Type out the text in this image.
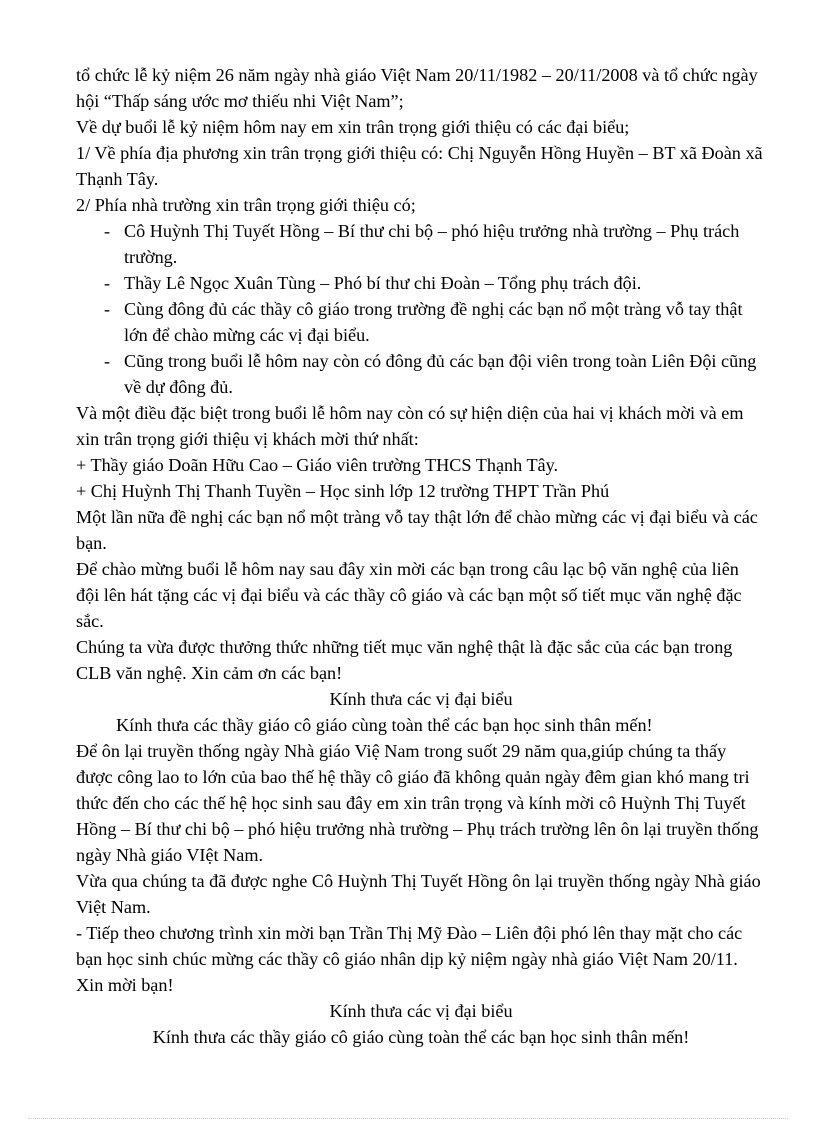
tổ chức lễ kỷ niệm 26 năm ngày nhà giáo Việt Nam 20/11/1982 – 20/11/2008 và tổ chức ngày hội “Thấp sáng ước mơ thiếu nhi Việt Nam”;

Về dự buổi lễ kỷ niệm hôm nay em xin trân trọng giới thiệu có các đại biểu;

1/ Về phía địa phương xin trân trọng giới thiệu có: Chị Nguyễn Hồng Huyền – BT xã Đoàn xã Thạnh Tây.

2/ Phía nhà trường xin trân trọng giới thiệu có;

- Cô Huỳnh Thị Tuyết Hồng – Bí thư chi bộ – phó hiệu trưởng nhà trường – Phụ trách trường.
- Thầy Lê Ngọc Xuân Tùng – Phó bí thư chi Đoàn – Tổng phụ trách đội.
- Cùng đông đủ các thầy cô giáo trong trường đề nghị các bạn nổ một tràng vỗ tay thật lớn để chào mừng các vị đại biểu.
- Cũng trong buổi lễ hôm nay còn có đông đủ các bạn đội viên trong toàn Liên Đội cũng về dự đông đủ.

Và một điều đặc biệt trong buổi lễ hôm nay còn có sự hiện diện của hai vị khách mời và em xin trân trọng giới thiệu vị khách mời thứ nhất:

+ Thầy giáo Doãn Hữu Cao – Giáo viên trường THCS Thạnh Tây.

+ Chị Huỳnh Thị Thanh Tuyền – Học sinh lớp 12 trường THPT Trần Phú

Một lần nữa đề nghị các bạn nổ một tràng vỗ tay thật lớn để chào mừng các vị đại biểu và các bạn.

Để chào mừng buổi lễ hôm nay sau đây xin mời các bạn trong câu lạc bộ văn nghệ của liên đội lên hát tặng các vị đại biểu và các thầy cô giáo và các bạn một số tiết mục văn nghệ đặc sắc.

Chúng ta vừa được thưởng thức những tiết mục văn nghệ thật là đặc sắc của các bạn trong CLB văn nghệ. Xin cảm ơn các bạn!

Kính thưa các vị đại biểu

Kính thưa các thầy giáo cô giáo cùng toàn thể các bạn học sinh thân mến!

Để ôn lại truyền thống ngày Nhà giáo Việ Nam trong suốt 29 năm qua,giúp chúng ta thấy được công lao to lớn của bao thế hệ thầy cô giáo đã không quản ngày đêm gian khó mang tri thức đến cho các thế hệ học sinh sau đây em xin trân trọng và kính mời cô Huỳnh Thị Tuyết Hồng – Bí thư chi bộ – phó hiệu trưởng nhà trường – Phụ trách trường lên ôn lại truyền thống ngày Nhà giáo VIệt Nam.

Vừa qua chúng ta đã được nghe Cô Huỳnh Thị Tuyết Hồng ôn lại truyền thống ngày Nhà giáo Việt Nam.

- Tiếp theo chương trình xin mời bạn Trần Thị Mỹ Đào – Liên đội phó lên thay mặt cho các bạn học sinh chúc mừng các thầy cô giáo nhân dịp kỷ niệm ngày nhà giáo Việt Nam 20/11. Xin mời bạn!

Kính thưa các vị đại biểu

Kính thưa các thầy giáo cô giáo cùng toàn thể các bạn học sinh thân mến!
